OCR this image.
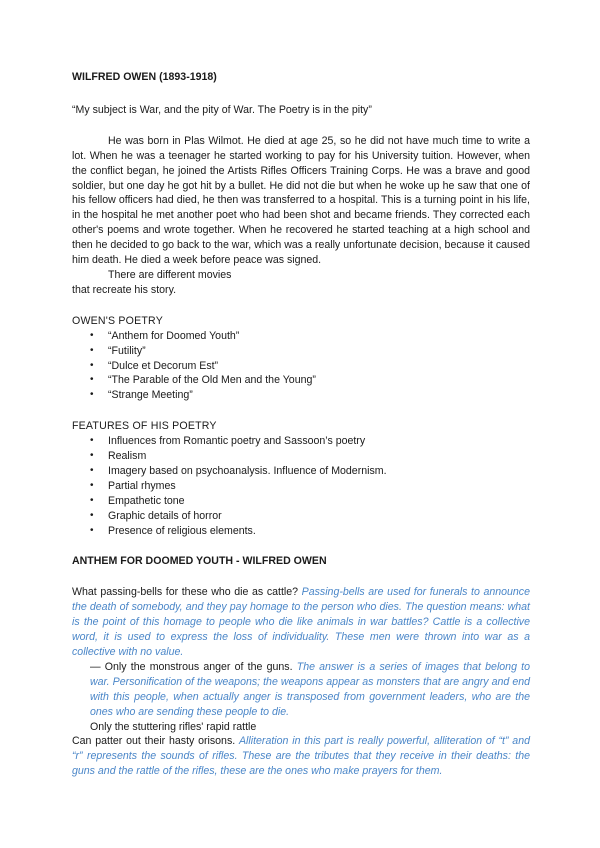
WILFRED OWEN (1893-1918)

“My subject is War, and the pity of War. The Poetry is in the pity”

He was born in Plas Wilmot. He died at age 25, so he did not have much time to write a lot. When he was a teenager he started working to pay for his University tuition. However, when the conflict began, he joined the Artists Rifles Officers Training Corps. He was a brave and good soldier, but one day he got hit by a bullet. He did not die but when he woke up he saw that one of his fellow officers had died, he then was transferred to a hospital. This is a turning point in his life, in the hospital he met another poet who had been shot and became friends. They corrected each other's poems and wrote together. When he recovered he started teaching at a high school and then he decided to go back to the war, which was a really unfortunate decision, because it caused him death. He died a week before peace was signed.

There are different movies
that recreate his story.

OWEN'S POETRY

• “Anthem for Doomed Youth”
• “Futility”
• “Dulce et Decorum Est”
• “The Parable of the Old Men and the Young”
• “Strange Meeting”

FEATURES OF HIS POETRY

• Influences from Romantic poetry and Sassoon’s poetry
• Realism
• Imagery based on psychoanalysis. Influence of Modernism.
• Partial rhymes
• Empathetic tone
• Graphic details of horror
• Presence of religious elements.

ANTHEM FOR DOOMED YOUTH - WILFRED OWEN

What passing-bells for these who die as cattle? Passing-bells are used for funerals to announce the death of somebody, and they pay homage to the person who dies. The question means: what is the point of this homage to people who die like animals in war battles? Cattle is a collective word, it is used to express the loss of individuality. These men were thrown into war as a collective with no value.

— Only the monstrous anger of the guns. The answer is a series of images that belong to war. Personification of the weapons; the weapons appear as monsters that are angry and end with this people, when actually anger is transposed from government leaders, who are the ones who are sending these people to die.

Only the stuttering rifles' rapid rattle

Can patter out their hasty orisons. Alliteration in this part is really powerful, alliteration of “t” and “r” represents the sounds of rifles. These are the tributes that they receive in their deaths: the guns and the rattle of the rifles, these are the ones who make prayers for them.
